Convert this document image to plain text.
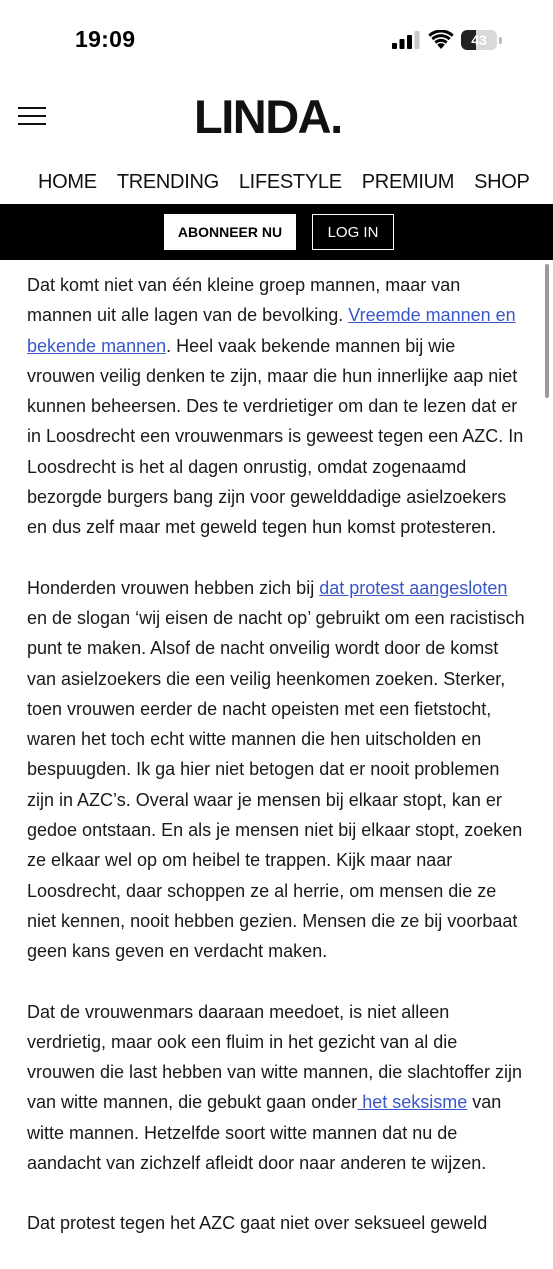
19:09	43
LINDA.
HOME TRENDING LIFESTYLE PREMIUM SHOP
ABONNEER NU	LOG IN

Dat komt niet van één kleine groep mannen, maar van mannen uit alle lagen van de bevolking. Vreemde mannen en bekende mannen. Heel vaak bekende mannen bij wie vrouwen veilig denken te zijn, maar die hun innerlijke aap niet kunnen beheersen. Des te verdrietiger om dan te lezen dat er in Loosdrecht een vrouwenmars is geweest tegen een AZC. In Loosdrecht is het al dagen onrustig, omdat zogenaamd bezorgde burgers bang zijn voor gewelddadige asielzoekers en dus zelf maar met geweld tegen hun komst protesteren.

Honderden vrouwen hebben zich bij dat protest aangesloten en de slogan ‘wij eisen de nacht op’ gebruikt om een racistisch punt te maken. Alsof de nacht onveilig wordt door de komst van asielzoekers die een veilig heenkomen zoeken. Sterker, toen vrouwen eerder de nacht opeisten met een fietstocht, waren het toch echt witte mannen die hen uitscholden en bespuugden. Ik ga hier niet betogen dat er nooit problemen zijn in AZC’s. Overal waar je mensen bij elkaar stopt, kan er gedoe ontstaan. En als je mensen niet bij elkaar stopt, zoeken ze elkaar wel op om heibel te trappen. Kijk maar naar Loosdrecht, daar schoppen ze al herrie, om mensen die ze niet kennen, nooit hebben gezien. Mensen die ze bij voorbaat geen kans geven en verdacht maken.

Dat de vrouwenmars daaraan meedoet, is niet alleen verdrietig, maar ook een fluim in het gezicht van al die vrouwen die last hebben van witte mannen, die slachtoffer zijn van witte mannen, die gebukt gaan onder het seksisme van witte mannen. Hetzelfde soort witte mannen dat nu de aandacht van zichzelf afleidt door naar anderen te wijzen.

Dat protest tegen het AZC gaat niet over seksueel geweld
